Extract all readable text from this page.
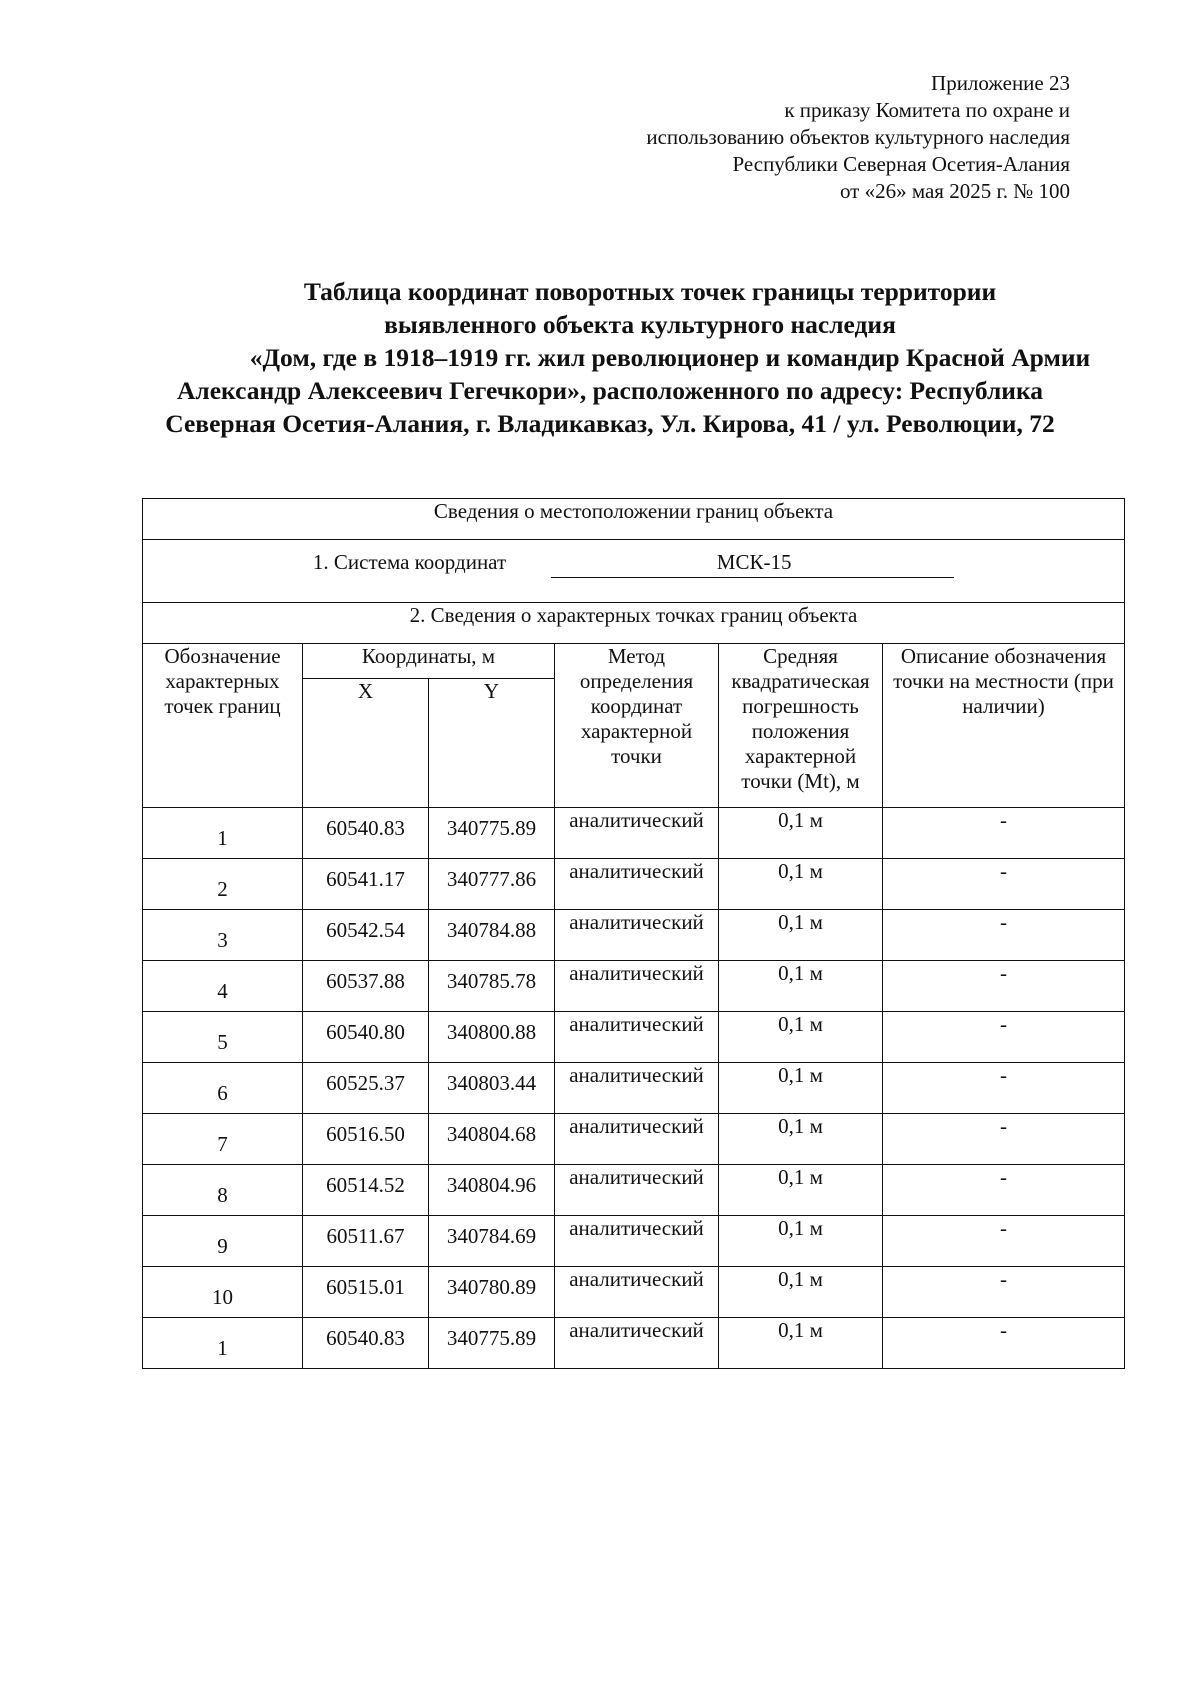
Приложение 23
к приказу Комитета по охране и
использованию объектов культурного наследия
Республики Северная Осетия-Алания
от «26» мая 2025 г. № 100
Таблица координат поворотных точек границы территории
выявленного объекта культурного наследия
«Дом, где в 1918–1919 гг. жил революционер и командир Красной Армии
Александр Алексеевич Гегечкори», расположенного по адресу: Республика
Северная Осетия-Алания, г. Владикавказ, Ул. Кирова, 41 / ул. Революции, 72
Сведения о местоположении границ объекта					
1. Система координат МСК-15					
2. Сведения о характерных точках границ объекта					
Обозначение характерных точек границ	Координаты, м		Метод определения координат характерной точки	Средняя квадратическая погрешность положения характерной точки (Mt), м	Описание обозначения точки на местности (при наличии)
	X	Y			
1	60540.83	340775.89	аналитический	0,1 м	-
2	60541.17	340777.86	аналитический	0,1 м	-
3	60542.54	340784.88	аналитический	0,1 м	-
4	60537.88	340785.78	аналитический	0,1 м	-
5	60540.80	340800.88	аналитический	0,1 м	-
6	60525.37	340803.44	аналитический	0,1 м	-
7	60516.50	340804.68	аналитический	0,1 м	-
8	60514.52	340804.96	аналитический	0,1 м	-
9	60511.67	340784.69	аналитический	0,1 м	-
10	60515.01	340780.89	аналитический	0,1 м	-
1	60540.83	340775.89	аналитический	0,1 м	-
